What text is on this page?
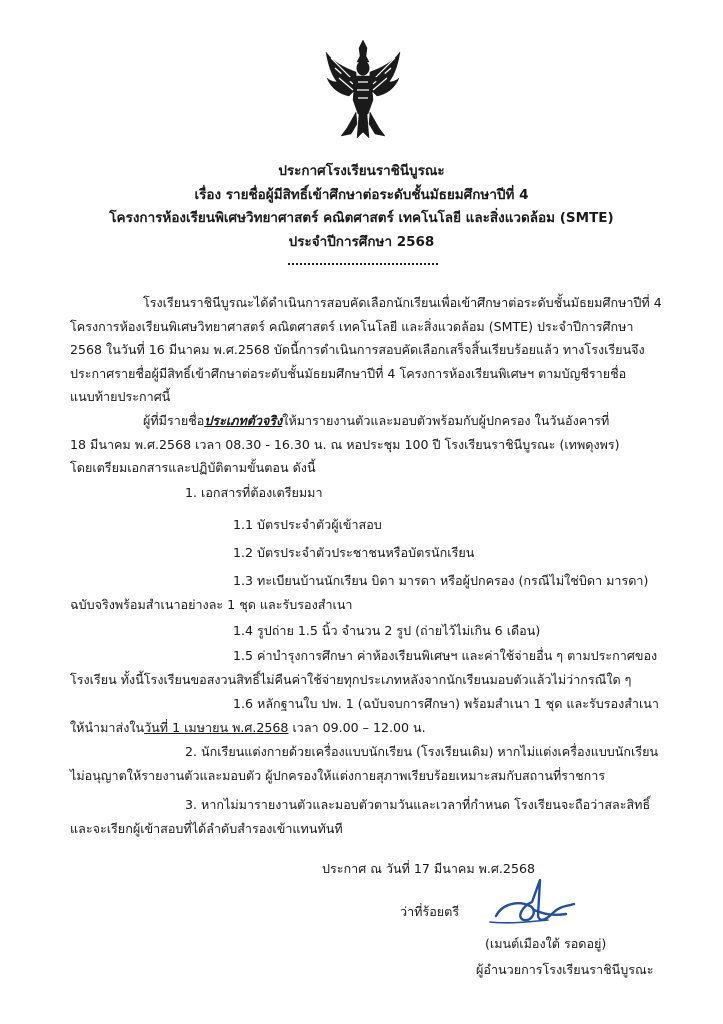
ประกาศโรงเรียนราชินีบูรณะ
เรื่อง รายชื่อผู้มีสิทธิ์เข้าศึกษาต่อระดับชั้นมัธยมศึกษาปีที่ 4
โครงการห้องเรียนพิเศษวิทยาศาสตร์ คณิตศาสตร์ เทคโนโลยี และสิ่งแวดล้อม (SMTE)
ประจำปีการศึกษา 2568
โรงเรียนราชินีบูรณะได้ดำเนินการสอบคัดเลือกนักเรียนเพื่อเข้าศึกษาต่อระดับชั้นมัธยมศึกษาปีที่ 4
โครงการห้องเรียนพิเศษวิทยาศาสตร์ คณิตศาสตร์ เทคโนโลยี และสิ่งแวดล้อม (SMTE) ประจำปีการศึกษา
2568 ในวันที่ 16 มีนาคม พ.ศ.2568 บัดนี้การดำเนินการสอบคัดเลือกเสร็จสิ้นเรียบร้อยแล้ว ทางโรงเรียนจึง
ประกาศรายชื่อผู้มีสิทธิ์เข้าศึกษาต่อระดับชั้นมัธยมศึกษาปีที่ 4 โครงการห้องเรียนพิเศษฯ ตามบัญชีรายชื่อ
แนบท้ายประกาศนี้
ผู้ที่มีรายชื่อประเภทตัวจริงให้มารายงานตัวและมอบตัวพร้อมกับผู้ปกครอง ในวันอังคารที่
18 มีนาคม พ.ศ.2568 เวลา 08.30 - 16.30 น. ณ หอประชุม 100 ปี โรงเรียนราชินีบูรณะ (เทพดุงพร)
โดยเตรียมเอกสารและปฏิบัติตามขั้นตอน ดังนี้
1. เอกสารที่ต้องเตรียมมา
1.1 บัตรประจำตัวผู้เข้าสอบ
1.2 บัตรประจำตัวประชาชนหรือบัตรนักเรียน
1.3 ทะเบียนบ้านนักเรียน บิดา มารดา หรือผู้ปกครอง (กรณีไม่ใช่บิดา มารดา)
ฉบับจริงพร้อมสำเนาอย่างละ 1 ชุด และรับรองสำเนา
1.4 รูปถ่าย 1.5 นิ้ว จำนวน 2 รูป (ถ่ายไว้ไม่เกิน 6 เดือน)
1.5 ค่าบำรุงการศึกษา ค่าห้องเรียนพิเศษฯ และค่าใช้จ่ายอื่น ๆ ตามประกาศของ
โรงเรียน ทั้งนี้โรงเรียนขอสงวนสิทธิ์ไม่คืนค่าใช้จ่ายทุกประเภทหลังจากนักเรียนมอบตัวแล้วไม่ว่ากรณีใด ๆ
1.6 หลักฐานใบ ปพ. 1 (ฉบับจบการศึกษา) พร้อมสำเนา 1 ชุด และรับรองสำเนา
ให้นำมาส่งในวันที่ 1 เมษายน พ.ศ.2568 เวลา 09.00 – 12.00 น.
2. นักเรียนแต่งกายด้วยเครื่องแบบนักเรียน (โรงเรียนเดิม) หากไม่แต่งเครื่องแบบนักเรียน
ไม่อนุญาตให้รายงานตัวและมอบตัว ผู้ปกครองให้แต่งกายสุภาพเรียบร้อยเหมาะสมกับสถานที่ราชการ
3. หากไม่มารายงานตัวและมอบตัวตามวันและเวลาที่กำหนด โรงเรียนจะถือว่าสละสิทธิ์
และจะเรียกผู้เข้าสอบที่ได้ลำดับสำรองเข้าแทนทันที
ประกาศ ณ วันที่ 17 มีนาคม พ.ศ.2568
ว่าที่ร้อยตรี
(เมนต์เมืองใต้ รอดอยู่)
ผู้อำนวยการโรงเรียนราชินีบูรณะ
